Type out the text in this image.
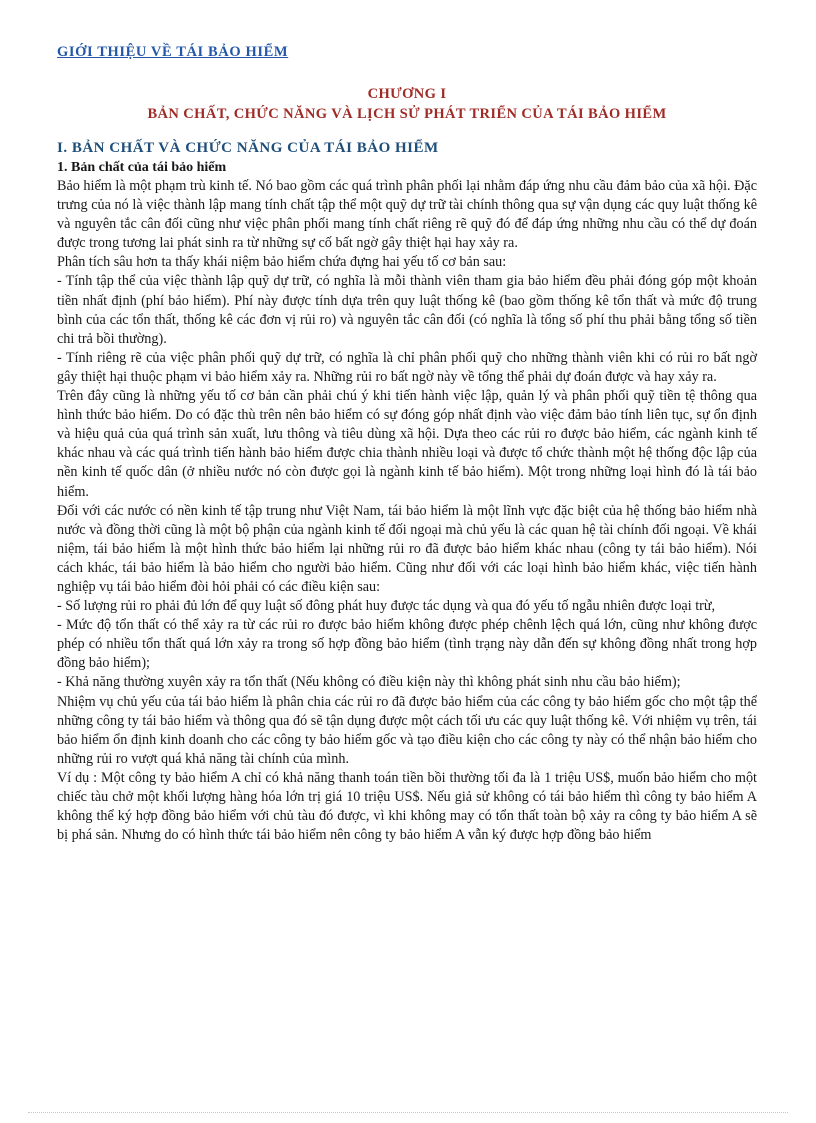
GIỚI THIỆU VỀ TÁI BẢO HIỂM
CHƯƠNG I
BẢN CHẤT, CHỨC NĂNG VÀ LỊCH SỬ PHÁT TRIỂN CỦA TÁI BẢO HIỂM
I. BẢN CHẤT VÀ CHỨC NĂNG CỦA TÁI BẢO HIỂM
1. Bản chất của tái bảo hiểm

Bảo hiểm là một phạm trù kinh tế. Nó bao gồm các quá trình phân phối lại nhằm đáp ứng nhu cầu đảm bảo của xã hội. Đặc trưng của nó là việc thành lập mang tính chất tập thể một quỹ dự trữ tài chính thông qua sự vận dụng các quy luật thống kê và nguyên tắc cân đối cũng như việc phân phối mang tính chất riêng rẽ quỹ đó để đáp ứng những nhu cầu có thể dự đoán được trong tương lai phát sinh ra từ những sự cố bất ngờ gây thiệt hại hay xảy ra.

Phân tích sâu hơn ta thấy khái niệm bảo hiểm chứa đựng hai yếu tố cơ bản sau:

- Tính tập thể của việc thành lập quỹ dự trữ, có nghĩa là mỗi thành viên tham gia bảo hiểm đều phải đóng góp một khoản tiền nhất định (phí bảo hiểm). Phí này được tính dựa trên quy luật thống kê (bao gồm thống kê tổn thất và mức độ trung bình của các tổn thất, thống kê các đơn vị rủi ro) và nguyên tắc cân đối (có nghĩa là tổng số phí thu phải bằng tổng số tiền chi trả bồi thường).

- Tính riêng rẽ của việc phân phối quỹ dự trữ, có nghĩa là chỉ phân phối quỹ cho những thành viên khi có rủi ro bất ngờ gây thiệt hại thuộc phạm vi bảo hiểm xảy ra. Những rủi ro bất ngờ này về tổng thể phải dự đoán được và hay xảy ra.

Trên đây cũng là những yếu tố cơ bản cần phải chú ý khi tiến hành việc lập, quản lý và phân phối quỹ tiền tệ thông qua hình thức bảo hiểm. Do có đặc thù trên nên bảo hiểm có sự đóng góp nhất định vào việc đảm bảo tính liên tục, sự ổn định và hiệu quả của quá trình sản xuất, lưu thông và tiêu dùng xã hội. Dựa theo các rủi ro được bảo hiểm, các ngành kinh tế khác nhau và các quá trình tiến hành bảo hiểm được chia thành nhiều loại và được tổ chức thành một hệ thống độc lập của nền kinh tế quốc dân (ở nhiều nước nó còn được gọi là ngành kinh tế bảo hiểm). Một trong những loại hình đó là tái bảo hiểm.

Đối với các nước có nền kinh tế tập trung như Việt Nam, tái bảo hiểm là một lĩnh vực đặc biệt của hệ thống bảo hiểm nhà nước và đồng thời cũng là một bộ phận của ngành kinh tế đối ngoại mà chủ yếu là các quan hệ tài chính đối ngoại. Về khái niệm, tái bảo hiểm là một hình thức bảo hiểm lại những rủi ro đã được bảo hiểm khác nhau (công ty tái bảo hiểm). Nói cách khác, tái bảo hiểm là bảo hiểm cho người bảo hiểm. Cũng như đối với các loại hình bảo hiểm khác, việc tiến hành nghiệp vụ tái bảo hiểm đòi hỏi phải có các điều kiện sau:

- Số lượng rủi ro phải đủ lớn để quy luật số đông phát huy được tác dụng và qua đó yếu tố ngẫu nhiên được loại trừ,

- Mức độ tổn thất có thể xảy ra từ các rủi ro được bảo hiểm không được phép chênh lệch quá lớn, cũng như không được phép có nhiều tổn thất quá lớn xảy ra trong số hợp đồng bảo hiểm (tình trạng này dẫn đến sự không đồng nhất trong hợp đồng bảo hiểm);

- Khả năng thường xuyên xảy ra tổn thất (Nếu không có điều kiện này thì không phát sinh nhu cầu bảo hiểm);

Nhiệm vụ chủ yếu của tái bảo hiểm là phân chia các rủi ro đã được bảo hiểm của các công ty bảo hiểm gốc cho một tập thể những công ty tái bảo hiểm và thông qua đó sẽ tận dụng được một cách tối ưu các quy luật thống kê. Với nhiệm vụ trên, tái bảo hiểm ổn định kinh doanh cho các công ty bảo hiểm gốc và tạo điều kiện cho các công ty này có thể nhận bảo hiểm cho những rủi ro vượt quá khả năng tài chính của mình.

Ví dụ : Một công ty bảo hiểm A chỉ có khả năng thanh toán tiền bồi thường tối đa là 1 triệu US$, muốn bảo hiểm cho một chiếc tàu chở một khối lượng hàng hóa lớn trị giá 10 triệu US$. Nếu giả sử không có tái bảo hiểm thì công ty bảo hiểm A không thể ký hợp đồng bảo hiểm với chủ tàu đó được, vì khi không may có tổn thất toàn bộ xảy ra công ty bảo hiểm A sẽ bị phá sản. Nhưng do có hình thức tái bảo hiểm nên công ty bảo hiểm A vẫn ký được hợp đồng bảo hiểm
